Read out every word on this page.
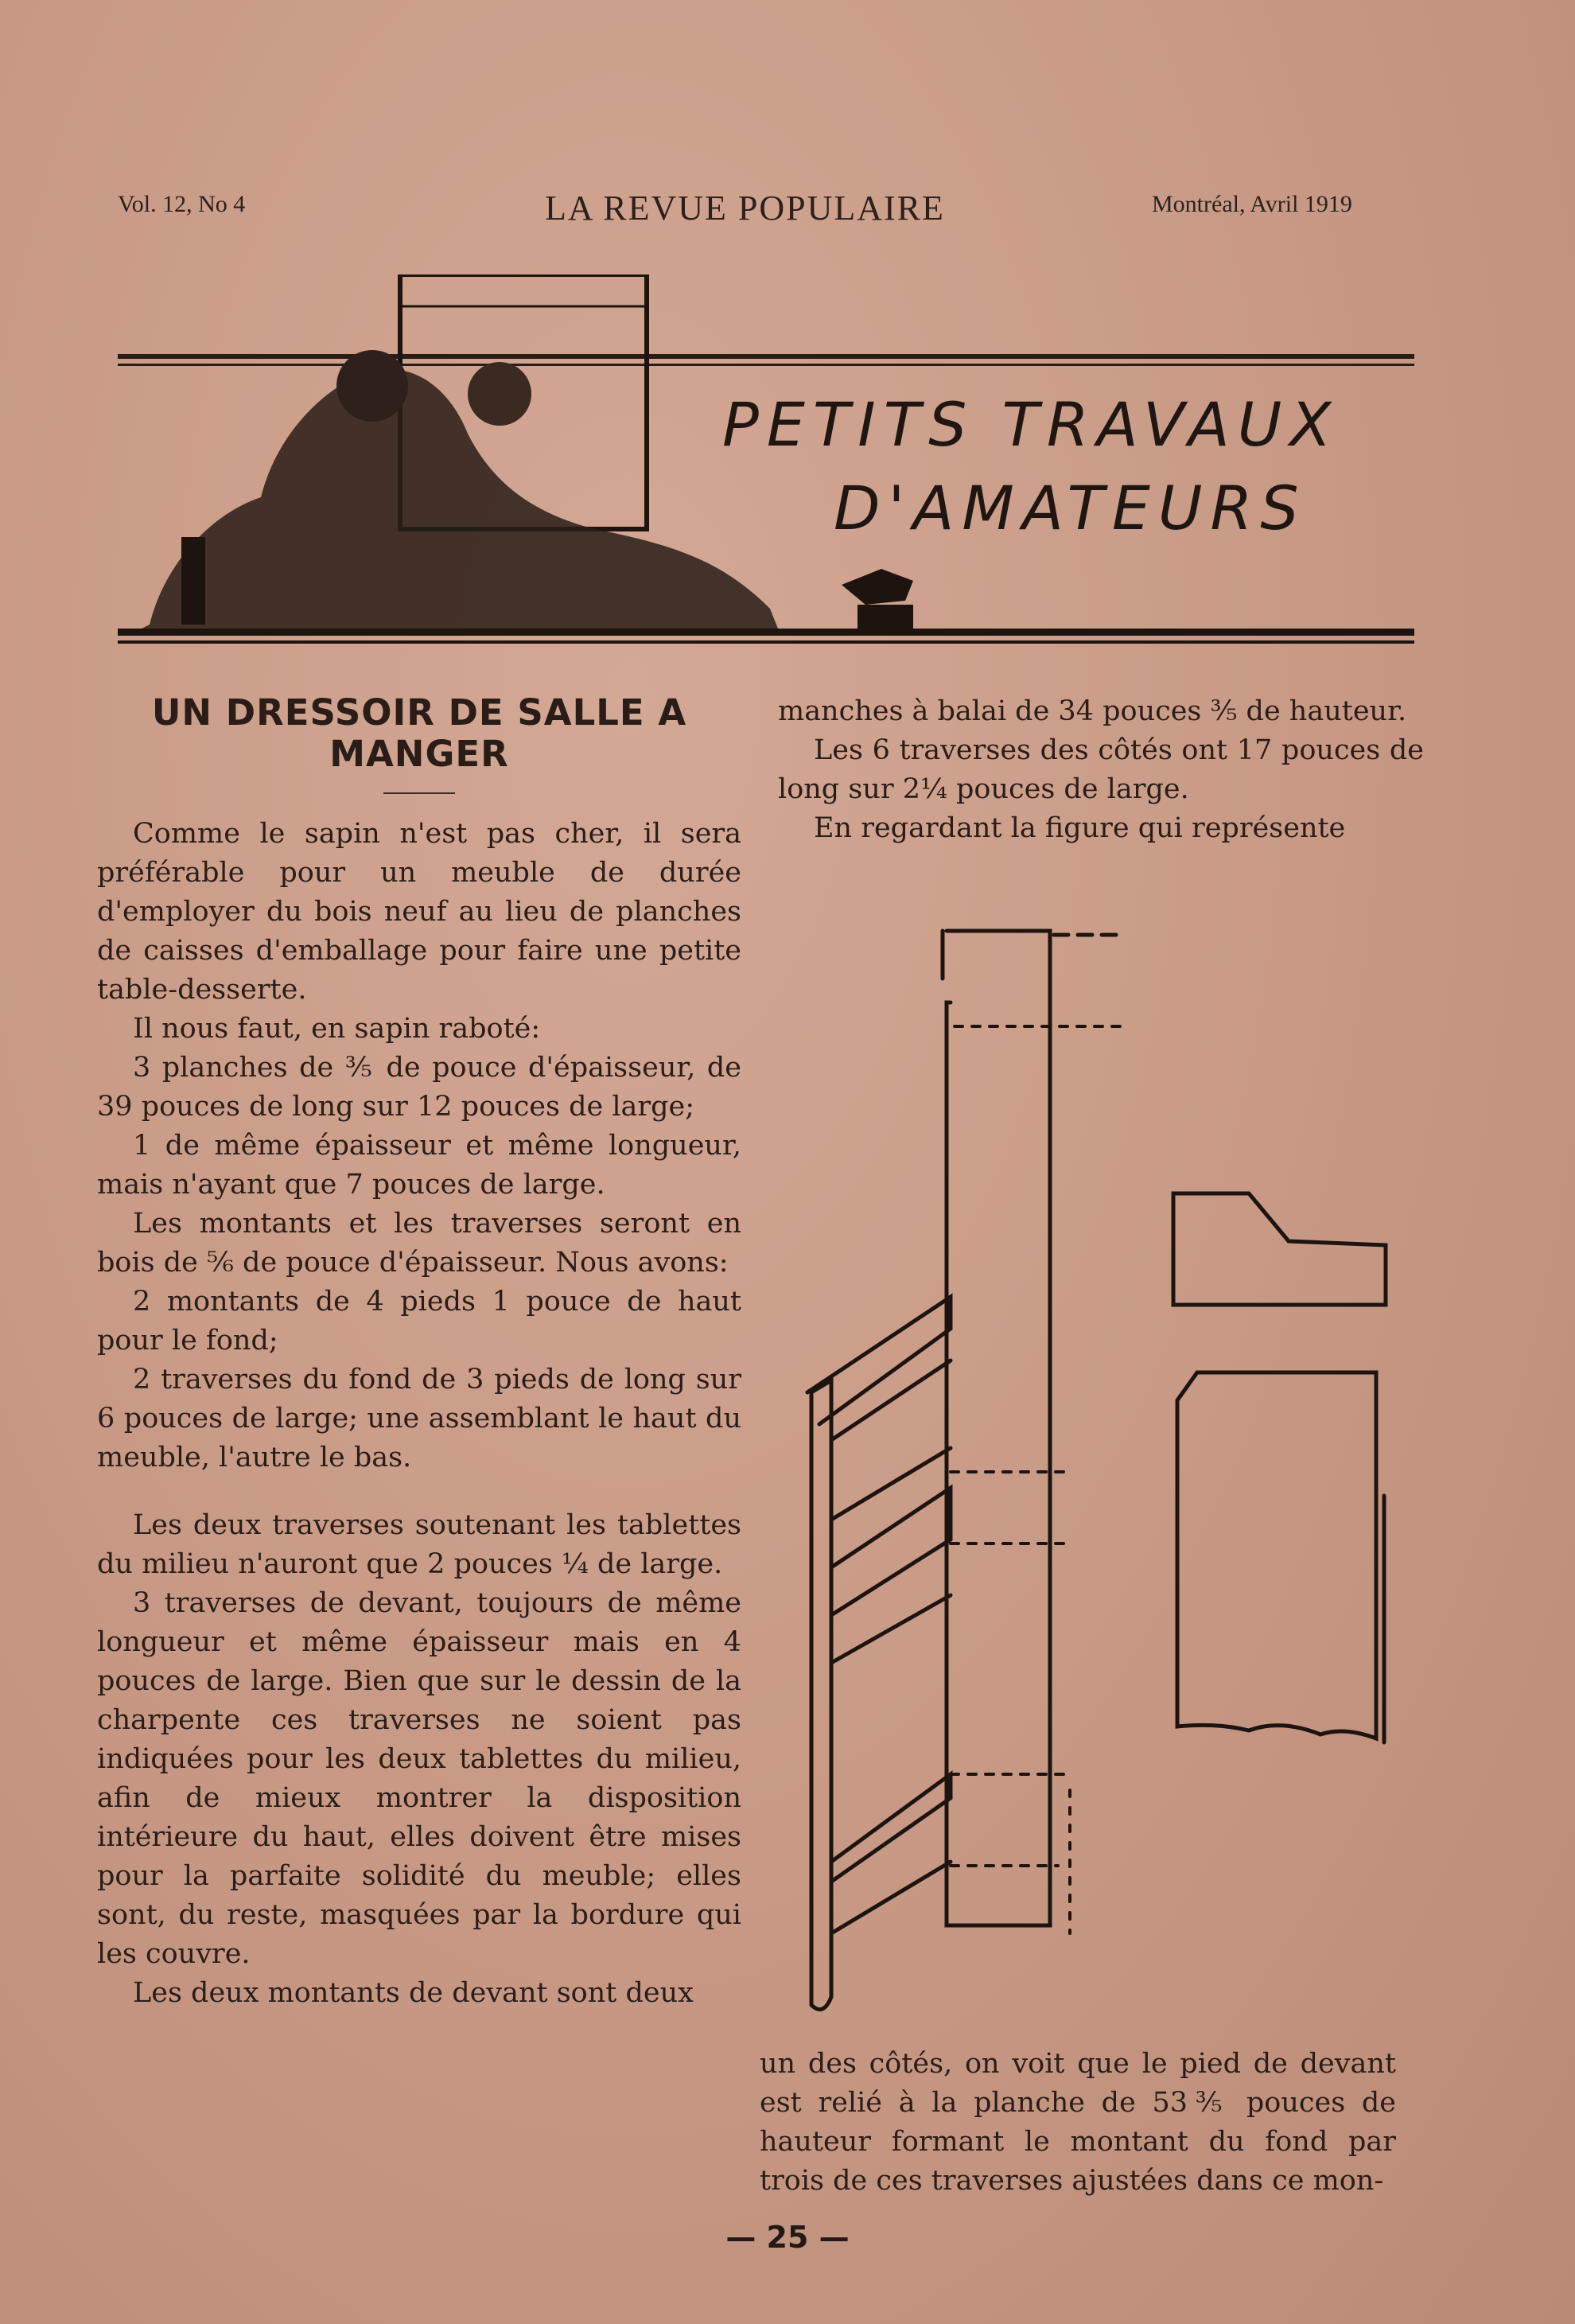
Vol. 12, No 4	LA REVUE POPULAIRE	Montréal, Avril 1919
PETITS TRAVAUX
D'AMATEURS
UN DRESSOIR DE SALLE A MANGER

Comme le sapin n'est pas cher, il sera préférable pour un meuble de durée d'employer du bois neuf au lieu de planches de caisses d'emballage pour faire une petite table-desserte.

Il nous faut, en sapin raboté:

3 planches de ⅗ de pouce d'épaisseur, de 39 pouces de long sur 12 pouces de large;

1 de même épaisseur et même longueur, mais n'ayant que 7 pouces de large.

Les montants et les traverses seront en bois de ⅚ de pouce d'épaisseur. Nous avons:

2 montants de 4 pieds 1 pouce de haut pour le fond;

2 traverses du fond de 3 pieds de long sur 6 pouces de large; une assemblant le haut du meuble, l'autre le bas.

Les deux traverses soutenant les tablettes du milieu n'auront que 2 pouces ¼ de large.

3 traverses de devant, toujours de même longueur et même épaisseur mais en 4 pouces de large. Bien que sur le dessin de la charpente ces traverses ne soient pas indiquées pour les deux tablettes du milieu, afin de mieux montrer la disposition intérieure du haut, elles doivent être mises pour la parfaite solidité du meuble; elles sont, du reste, masquées par la bordure qui les couvre.

Les deux montants de devant sont deux

manches à balai de 34 pouces ⅗ de hauteur.

Les 6 traverses des côtés ont 17 pouces de long sur 2¼ pouces de large.

En regardant la figure qui représente

un des côtés, on voit que le pied de devant est relié à la planche de 53⅗ pouces de hauteur formant le montant du fond par trois de ces traverses ajustées dans ce mon-

— 25 —
